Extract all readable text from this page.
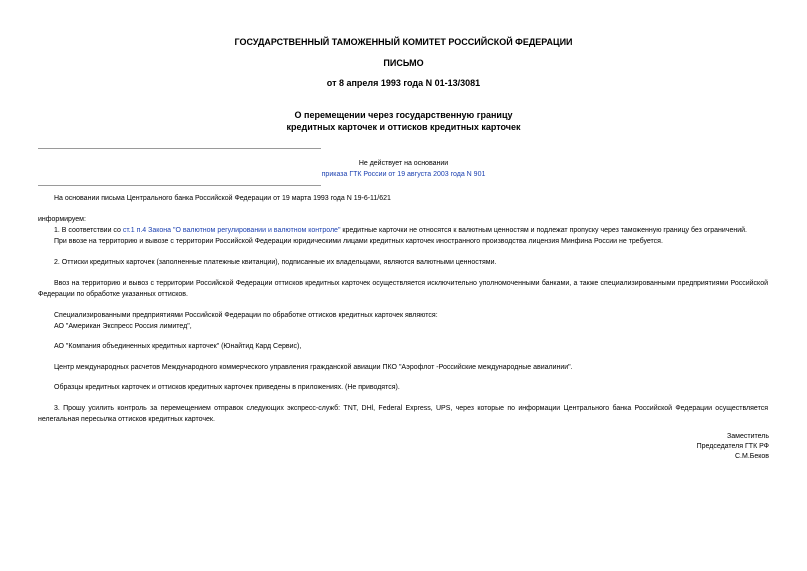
ГОСУДАРСТВЕННЫЙ ТАМОЖЕННЫЙ КОМИТЕТ РОССИЙСКОЙ ФЕДЕРАЦИИ
ПИСЬМО
от 8 апреля 1993 года N 01-13/3081
О перемещении через государственную границу
кредитных карточек и оттисков кредитных карточек
Не действует на основании
приказа ГТК России от 19 августа 2003 года N 901
На основании письма Центрального банка Российской Федерации от 19 марта 1993 года N 19-6-11/621
информируем:
1. В соответствии со ст.1 п.4 Закона "О валютном регулировании и валютном контроле" кредитные карточки не относятся к валютным ценностям и подлежат пропуску через таможенную границу без ограничений.
При ввозе на территорию и вывозе с территории Российской Федерации юридическими лицами кредитных карточек иностранного производства лицензия Минфина России не требуется.
2. Оттиски кредитных карточек (заполненные платежные квитанции), подписанные их владельцами, являются валютными ценностями.
Ввоз на территорию и вывоз с территории Российской Федерации оттисков кредитных карточек осуществляется исключительно уполномоченными банками, а также специализированными предприятиями Российской Федерации по обработке указанных оттисков.
Специализированными предприятиями Российской Федерации по обработке оттисков кредитных карточек являются:
АО "Американ Экспресс Россия лимитед",
АО "Компания объединенных кредитных карточек" (Юнайтид Кард Сервис),
Центр международных расчетов Международного коммерческого управления гражданской авиации ПКО "Аэрофлот -Российские международные авиалинии".
Образцы кредитных карточек и оттисков кредитных карточек приведены в приложениях. (Не приводятся).
3. Прошу усилить контроль за перемещением отправок следующих экспресс-служб: TNT, DHl, Federal Express, UPS, через которые по информации Центрального банка Российской Федерации осуществляется нелегальная пересылка оттисков кредитных карточек.
Заместитель
Председателя ГТК РФ
С.М.Беков
